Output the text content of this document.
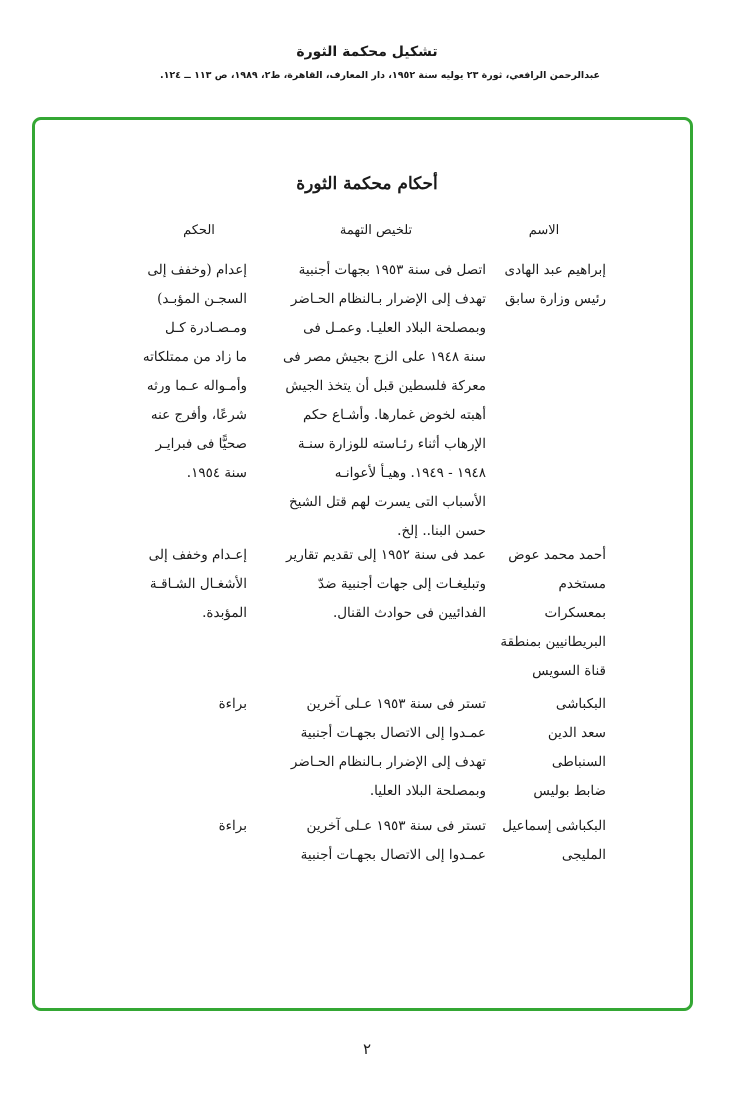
تشكيل محكمة الثورة
عبدالرحمن الرافعي، ثورة ٢٣ يوليه سنة ١٩٥٢، دار المعارف، القاهرة، ط٢، ١٩٨٩، ص ١١٣ ــ ١٢٤.
أحكام محكمة الثورة
الاسم
تلخيص التهمة
الحكم
إبراهيم عبد الهادى
رئيس وزارة سابق
اتصل فى سنة ١٩٥٣ بجهات أجنبية
تهدف إلى الإضرار بـالنظام الحـاضر
وبمصلحة البلاد العليـا. وعمـل فى
سنة ١٩٤٨ على الزج بجيش مصر فى
معركة فلسطين قبل أن يتخذ الجيش
أهبته لخوض غمارها. وأشـاع حكم
الإرهاب أثناء رئـاسته للوزارة سنـة
١٩٤٨ - ١٩٤٩. وهيـأ لأعوانـه
الأسباب التى يسرت لهم قتل الشيخ
حسن البنا.. إلخ.
إعدام (وخفف إلى
السجـن المؤبـد)
ومـصـادرة كـل
ما زاد من ممتلكاته
وأمـواله عـما ورثه
شرعًا، وأفرج عنه
صحيًّا فى فبرايـر
سنة ١٩٥٤.
أحمد محمد عوض
مستخدم
بمعسكرات
البريطانيين بمنطقة
قناة السويس
عمد فى سنة ١٩٥٢ إلى تقديم تقارير
وتبليغـات إلى جهات أجنبية ضدّ
الفدائيين فى حوادث القنال.
إعـدام وخفف إلى
الأشغـال الشـاقـة
المؤبدة.
البكباشى
سعد الدين
السنباطى
ضابط بوليس
تستر فى سنة ١٩٥٣ عـلى آخرين
عمـدوا إلى الاتصال بجهـات أجنبية
تهدف إلى الإضرار بـالنظام الحـاضر
وبمصلحة البلاد العليا.
براءة
البكباشى إسماعيل
المليجى
تستر فى سنة ١٩٥٣ عـلى آخرين
عمـدوا إلى الاتصال بجهـات أجنبية
براءة
٢
